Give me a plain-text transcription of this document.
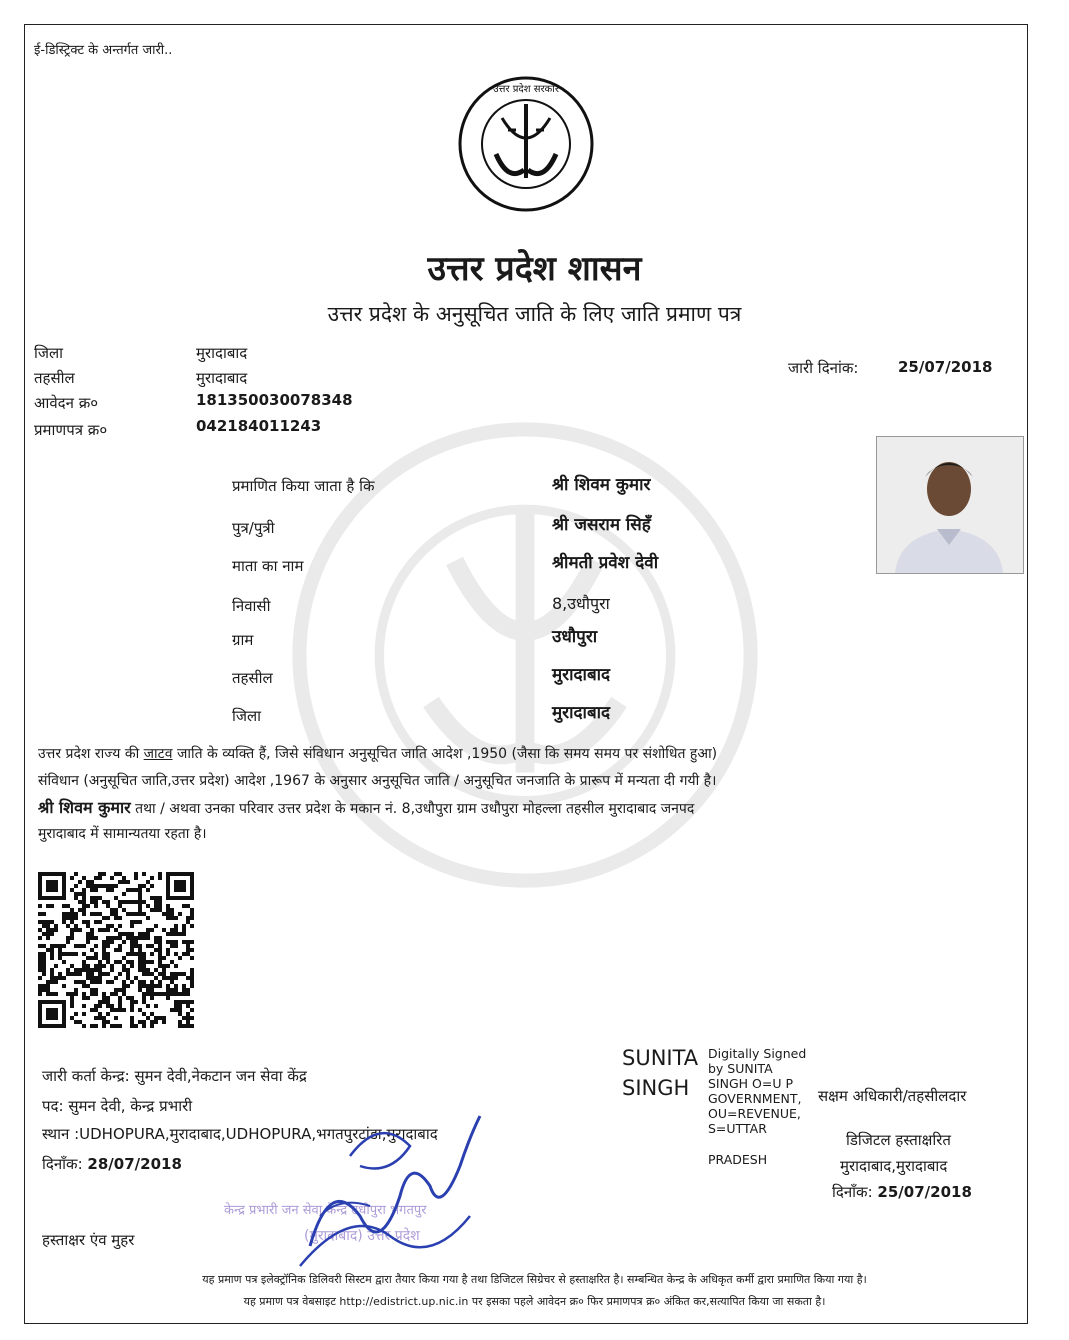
ई-डिस्ट्रिक्ट के अन्तर्गत जारी..
उत्तर प्रदेश सरकार
उत्तर प्रदेश शासन
उत्तर प्रदेश के अनुसूचित जाति के लिए जाति प्रमाण पत्र
जिला	मुरादाबाद
तहसील	मुरादाबाद
आवेदन क्र०	181350030078348
प्रमाणपत्र क्र०	042184011243
जारी दिनांक:	25/07/2018
प्रमाणित किया जाता है कि	श्री शिवम कुमार
पुत्र/पुत्री	श्री जसराम सिहँ
माता का नाम	श्रीमती प्रवेश देवी
निवासी	8,उधौपुरा
ग्राम	उधौपुरा
तहसील	मुरादाबाद
जिला	मुरादाबाद
उत्तर प्रदेश राज्य की जाटव जाति के व्यक्ति हैं, जिसे संविधान अनुसूचित जाति आदेश ,1950 (जैसा कि समय समय पर संशोधित हुआ)
संविधान (अनुसूचित जाति,उत्तर प्रदेश) आदेश ,1967 के अनुसार अनुसूचित जाति / अनुसूचित जनजाति के प्रारूप में मन्यता दी गयी है।
श्री शिवम कुमार तथा / अथवा उनका परिवार उत्तर प्रदेश के मकान नं. 8,उधौपुरा ग्राम उधौपुरा मोहल्ला तहसील मुरादाबाद जनपद
मुरादाबाद में सामान्यतया रहता है।
जारी कर्ता केन्द्र: सुमन देवी,नेकटान जन सेवा केंद्र
पद: सुमन देवी, केन्द्र प्रभारी
स्थान :UDHOPURA,मुरादाबाद,UDHOPURA,भगतपुरटांडा,मुरादाबाद
दिनाँक: 28/07/2018
हस्ताक्षर एंव मुहर
केन्द्र प्रभारी जन सेवा केन्द्र उधौपुरा भगतपुर
(मुरादाबाद) उत्तर प्रदेश
SUNITA
SINGH
Digitally Signed
by SUNITA
SINGH O=U P
GOVERNMENT,
OU=REVENUE,
S=UTTAR
PRADESH
सक्षम अधिकारी/तहसीलदार
डिजिटल हस्ताक्षरित
मुरादाबाद,मुरादाबाद
दिनाँक: 25/07/2018
यह प्रमाण पत्र इलेक्ट्रॉनिक डिलिवरी सिस्टम द्वारा तैयार किया गया है तथा डिजिटल सिग्रेचर से हस्ताक्षरित है। सम्बन्धित केन्द्र के अधिकृत कर्मी द्वारा प्रमाणित किया गया है।
यह प्रमाण पत्र वेबसाइट http://edistrict.up.nic.in पर इसका पहले आवेदन क्र० फिर प्रमाणपत्र क्र० अंकित कर,सत्यापित किया जा सकता है।
